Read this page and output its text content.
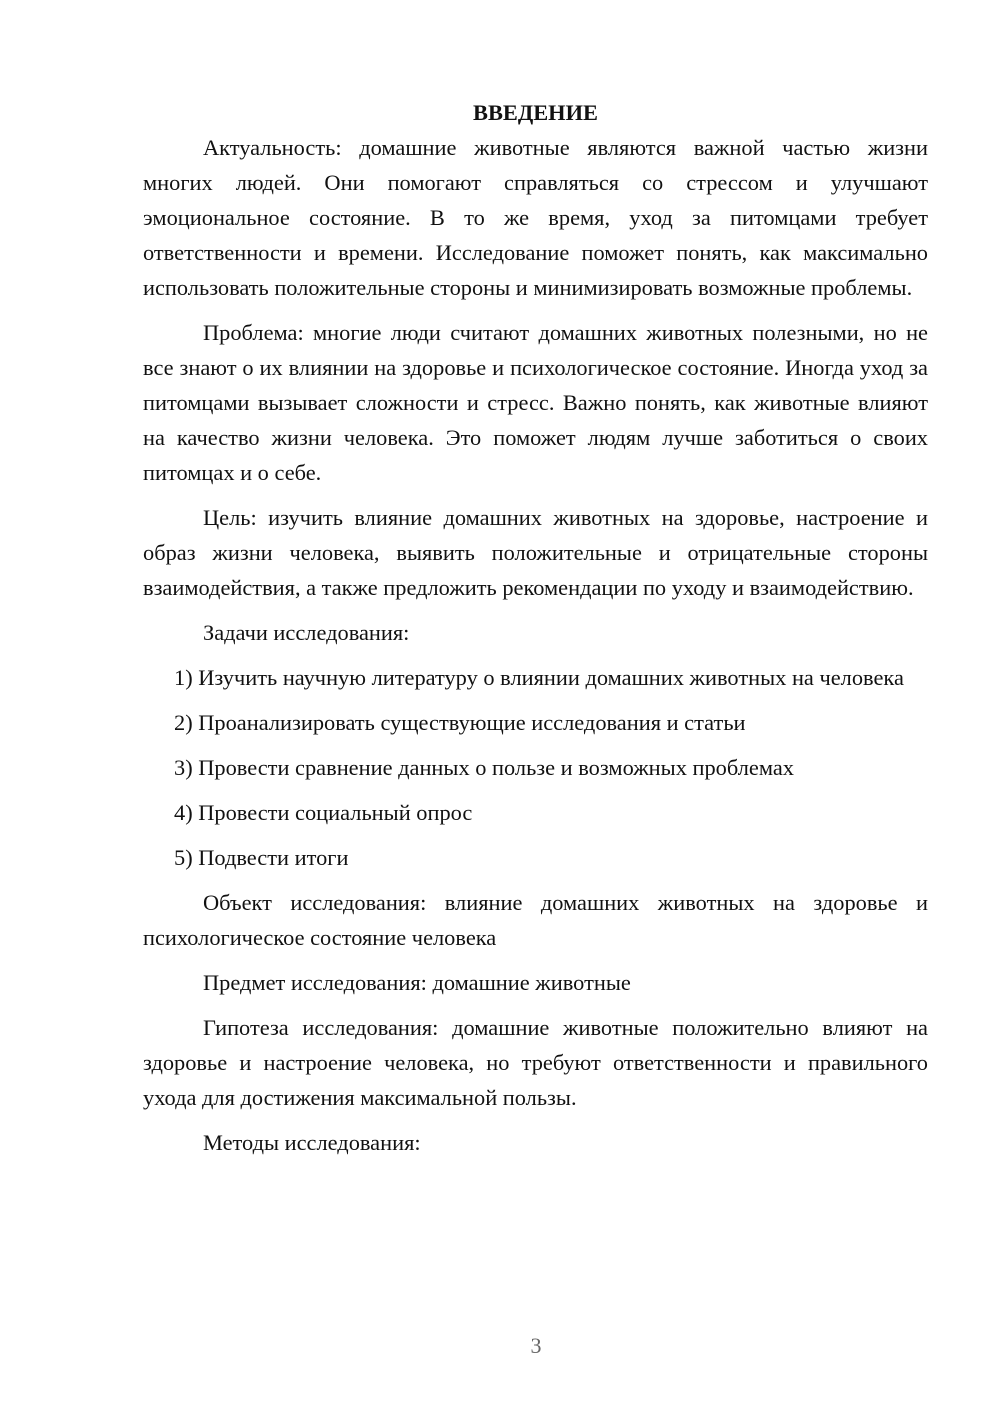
ВВЕДЕНИЕ

Актуальность: домашние животные являются важной частью жизни многих людей. Они помогают справляться со стрессом и улучшают эмоциональное состояние. В то же время, уход за питомцами требует ответственности и времени. Исследование поможет понять, как максимально использовать положительные стороны и минимизировать возможные проблемы.

Проблема: многие люди считают домашних животных полезными, но не все знают о их влиянии на здоровье и психологическое состояние. Иногда уход за питомцами вызывает сложности и стресс. Важно понять, как животные влияют на качество жизни человека. Это поможет людям лучше заботиться о своих питомцах и о себе.

Цель: изучить влияние домашних животных на здоровье, настроение и образ жизни человека, выявить положительные и отрицательные стороны взаимодействия, а также предложить рекомендации по уходу и взаимодействию.

Задачи исследования:

1) Изучить научную литературу о влиянии домашних животных на человека

2) Проанализировать существующие исследования и статьи

3) Провести сравнение данных о пользе и возможных проблемах

4) Провести социальный опрос

5) Подвести итоги

Объект исследования: влияние домашних животных на здоровье и психологическое состояние человека

Предмет исследования: домашние животные

Гипотеза исследования: домашние животные положительно влияют на здоровье и настроение человека, но требуют ответственности и правильного ухода для достижения максимальной пользы.

Методы исследования:

3
